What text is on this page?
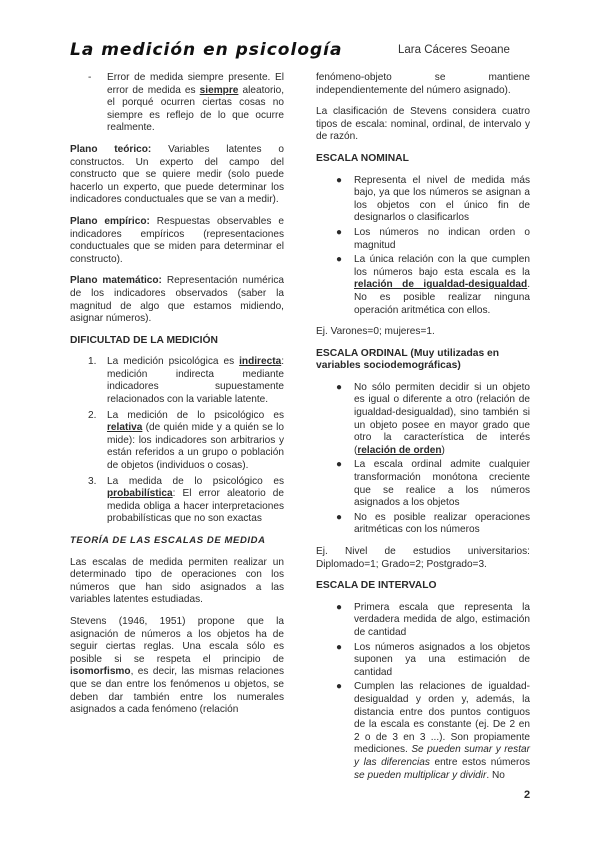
La medición en psicología	Lara Cáceres Seoane
- Error de medida siempre presente. El error de medida es siempre aleatorio, el porqué ocurren ciertas cosas no siempre es reflejo de lo que ocurre realmente.

Plano teórico: Variables latentes o constructos. Un experto del campo del constructo que se quiere medir (solo puede hacerlo un experto, que puede determinar los indicadores conductuales que se van a medir).

Plano empírico: Respuestas observables e indicadores empíricos (representaciones conductuales que se miden para determinar el constructo).

Plano matemático: Representación numérica de los indicadores observados (saber la magnitud de algo que estamos midiendo, asignar números).

DIFICULTAD DE LA MEDICIÓN
1. La medición psicológica es indirecta: medición indirecta mediante indicadores supuestamente relacionados con la variable latente.
2. La medición de lo psicológico es relativa (de quién mide y a quién se lo mide): los indicadores son arbitrarios y están referidos a un grupo o población de objetos (individuos o cosas).
3. La medida de lo psicológico es probabilística: El error aleatorio de medida obliga a hacer interpretaciones probabilísticas que no son exactas
TEORÍA DE LAS ESCALAS DE MEDIDA

Las escalas de medida permiten realizar un determinado tipo de operaciones con los números que han sido asignados a las variables latentes estudiadas.

Stevens (1946, 1951) propone que la asignación de números a los objetos ha de seguir ciertas reglas. Una escala sólo es posible si se respeta el principio de isomorfismo, es decir, las mismas relaciones que se dan entre los fenómenos u objetos, se deben dar también entre los numerales asignados a cada fenómeno (relación

fenómeno-objeto se mantiene independientemente del número asignado).

La clasificación de Stevens considera cuatro tipos de escala: nominal, ordinal, de intervalo y de razón.

ESCALA NOMINAL
● Representa el nivel de medida más bajo, ya que los números se asignan a los objetos con el único fin de designarlos o clasificarlos
● Los números no indican orden o magnitud
● La única relación con la que cumplen los números bajo esta escala es la relación de igualdad-desigualdad. No es posible realizar ninguna operación aritmética con ellos.

Ej. Varones=0; mujeres=1.

ESCALA ORDINAL (Muy utilizadas en variables sociodemográficas)
● No sólo permiten decidir si un objeto es igual o diferente a otro (relación de igualdad-desigualdad), sino también si un objeto posee en mayor grado que otro la característica de interés (relación de orden)
● La escala ordinal admite cualquier transformación monótona creciente que se realice a los números asignados a los objetos
● No es posible realizar operaciones aritméticas con los números

Ej. Nivel de estudios universitarios: Diplomado=1; Grado=2; Postgrado=3.

ESCALA DE INTERVALO
● Primera escala que representa la verdadera medida de algo, estimación de cantidad
● Los números asignados a los objetos suponen ya una estimación de cantidad
● Cumplen las relaciones de igualdad-desigualdad y orden y, además, la distancia entre dos puntos contiguos de la escala es constante (ej. De 2 en 2 o de 3 en 3 ...). Son propiamente mediciones. Se pueden sumar y restar y las diferencias entre estos números se pueden multiplicar y dividir. No
2
